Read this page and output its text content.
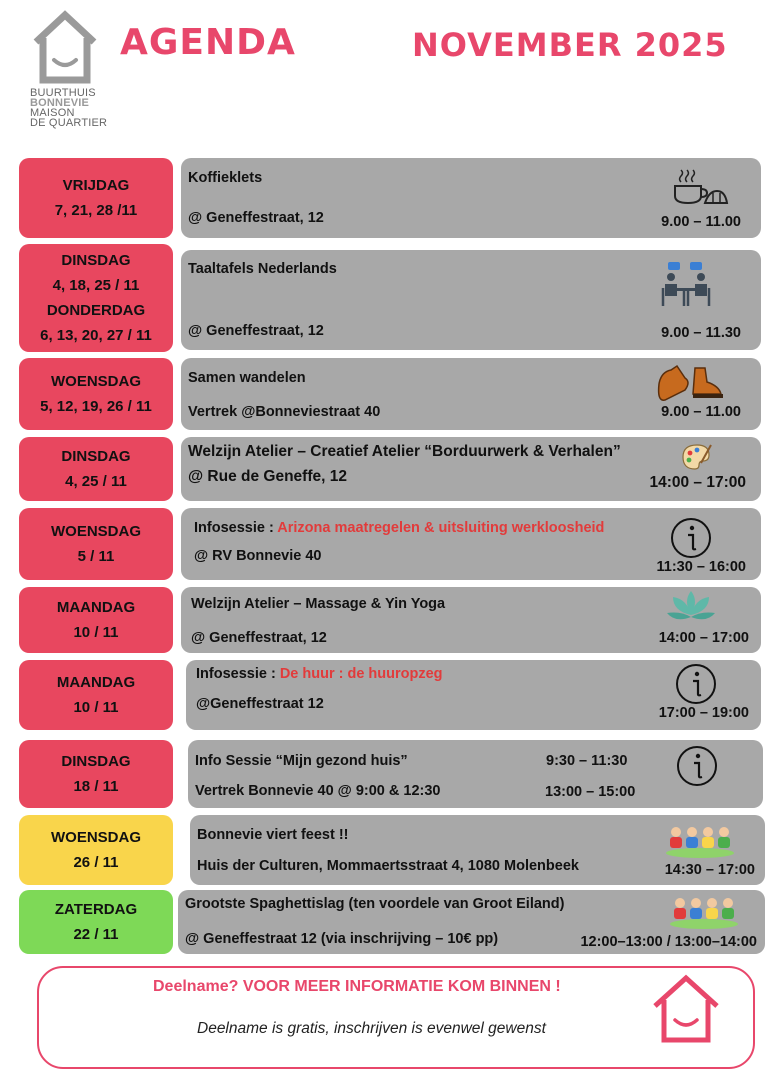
BUURTHUIS
BONNEVIE
MAISON
DE QUARTIER
AGENDA	NOVEMBER 2025
VRIJDAG
7, 21, 28 /11
Koffieklets
@ Geneffestraat, 12	9.00 – 11.00
DINSDAG
4, 18, 25 / 11
DONDERDAG
6, 13, 20, 27 / 11
Taaltafels Nederlands
@ Geneffestraat, 12	9.00 – 11.30
WOENSDAG
5, 12, 19, 26 / 11
Samen wandelen
Vertrek @Bonneviestraat 40	9.00 – 11.00
DINSDAG
4, 25 / 11
Welzijn Atelier – Creatief Atelier “Borduurwerk & Verhalen”
@ Rue de Geneffe, 12	14:00 – 17:00
WOENSDAG
5 / 11
Infosessie : Arizona maatregelen & uitsluiting werkloosheid
@ RV Bonnevie 40
11:30 – 16:00
MAANDAG
10 / 11
Welzijn Atelier – Massage & Yin Yoga
@ Geneffestraat, 12	14:00 – 17:00
MAANDAG
10 / 11
Infosessie : De huur : de huuropzeg
@Geneffestraat 12
17:00 – 19:00
DINSDAG
18 / 11
Info Sessie “Mijn gezond huis”
Vertrek Bonnevie 40 @ 9:00 & 12:30
9:30 – 11:30
13:00 – 15:00
WOENSDAG
26 / 11
Bonnevie viert feest !!
Huis der Culturen, Mommaertsstraat 4, 1080 Molenbeek	14:30 – 17:00
ZATERDAG
22 / 11
Grootste Spaghettislag (ten voordele van Groot Eiland)
@ Geneffestraat 12 (via inschrijving – 10€ pp)	12:00–13:00 / 13:00–14:00
Deelname? VOOR MEER INFORMATIE KOM BINNEN !
Deelname is gratis, inschrijven is evenwel gewenst
